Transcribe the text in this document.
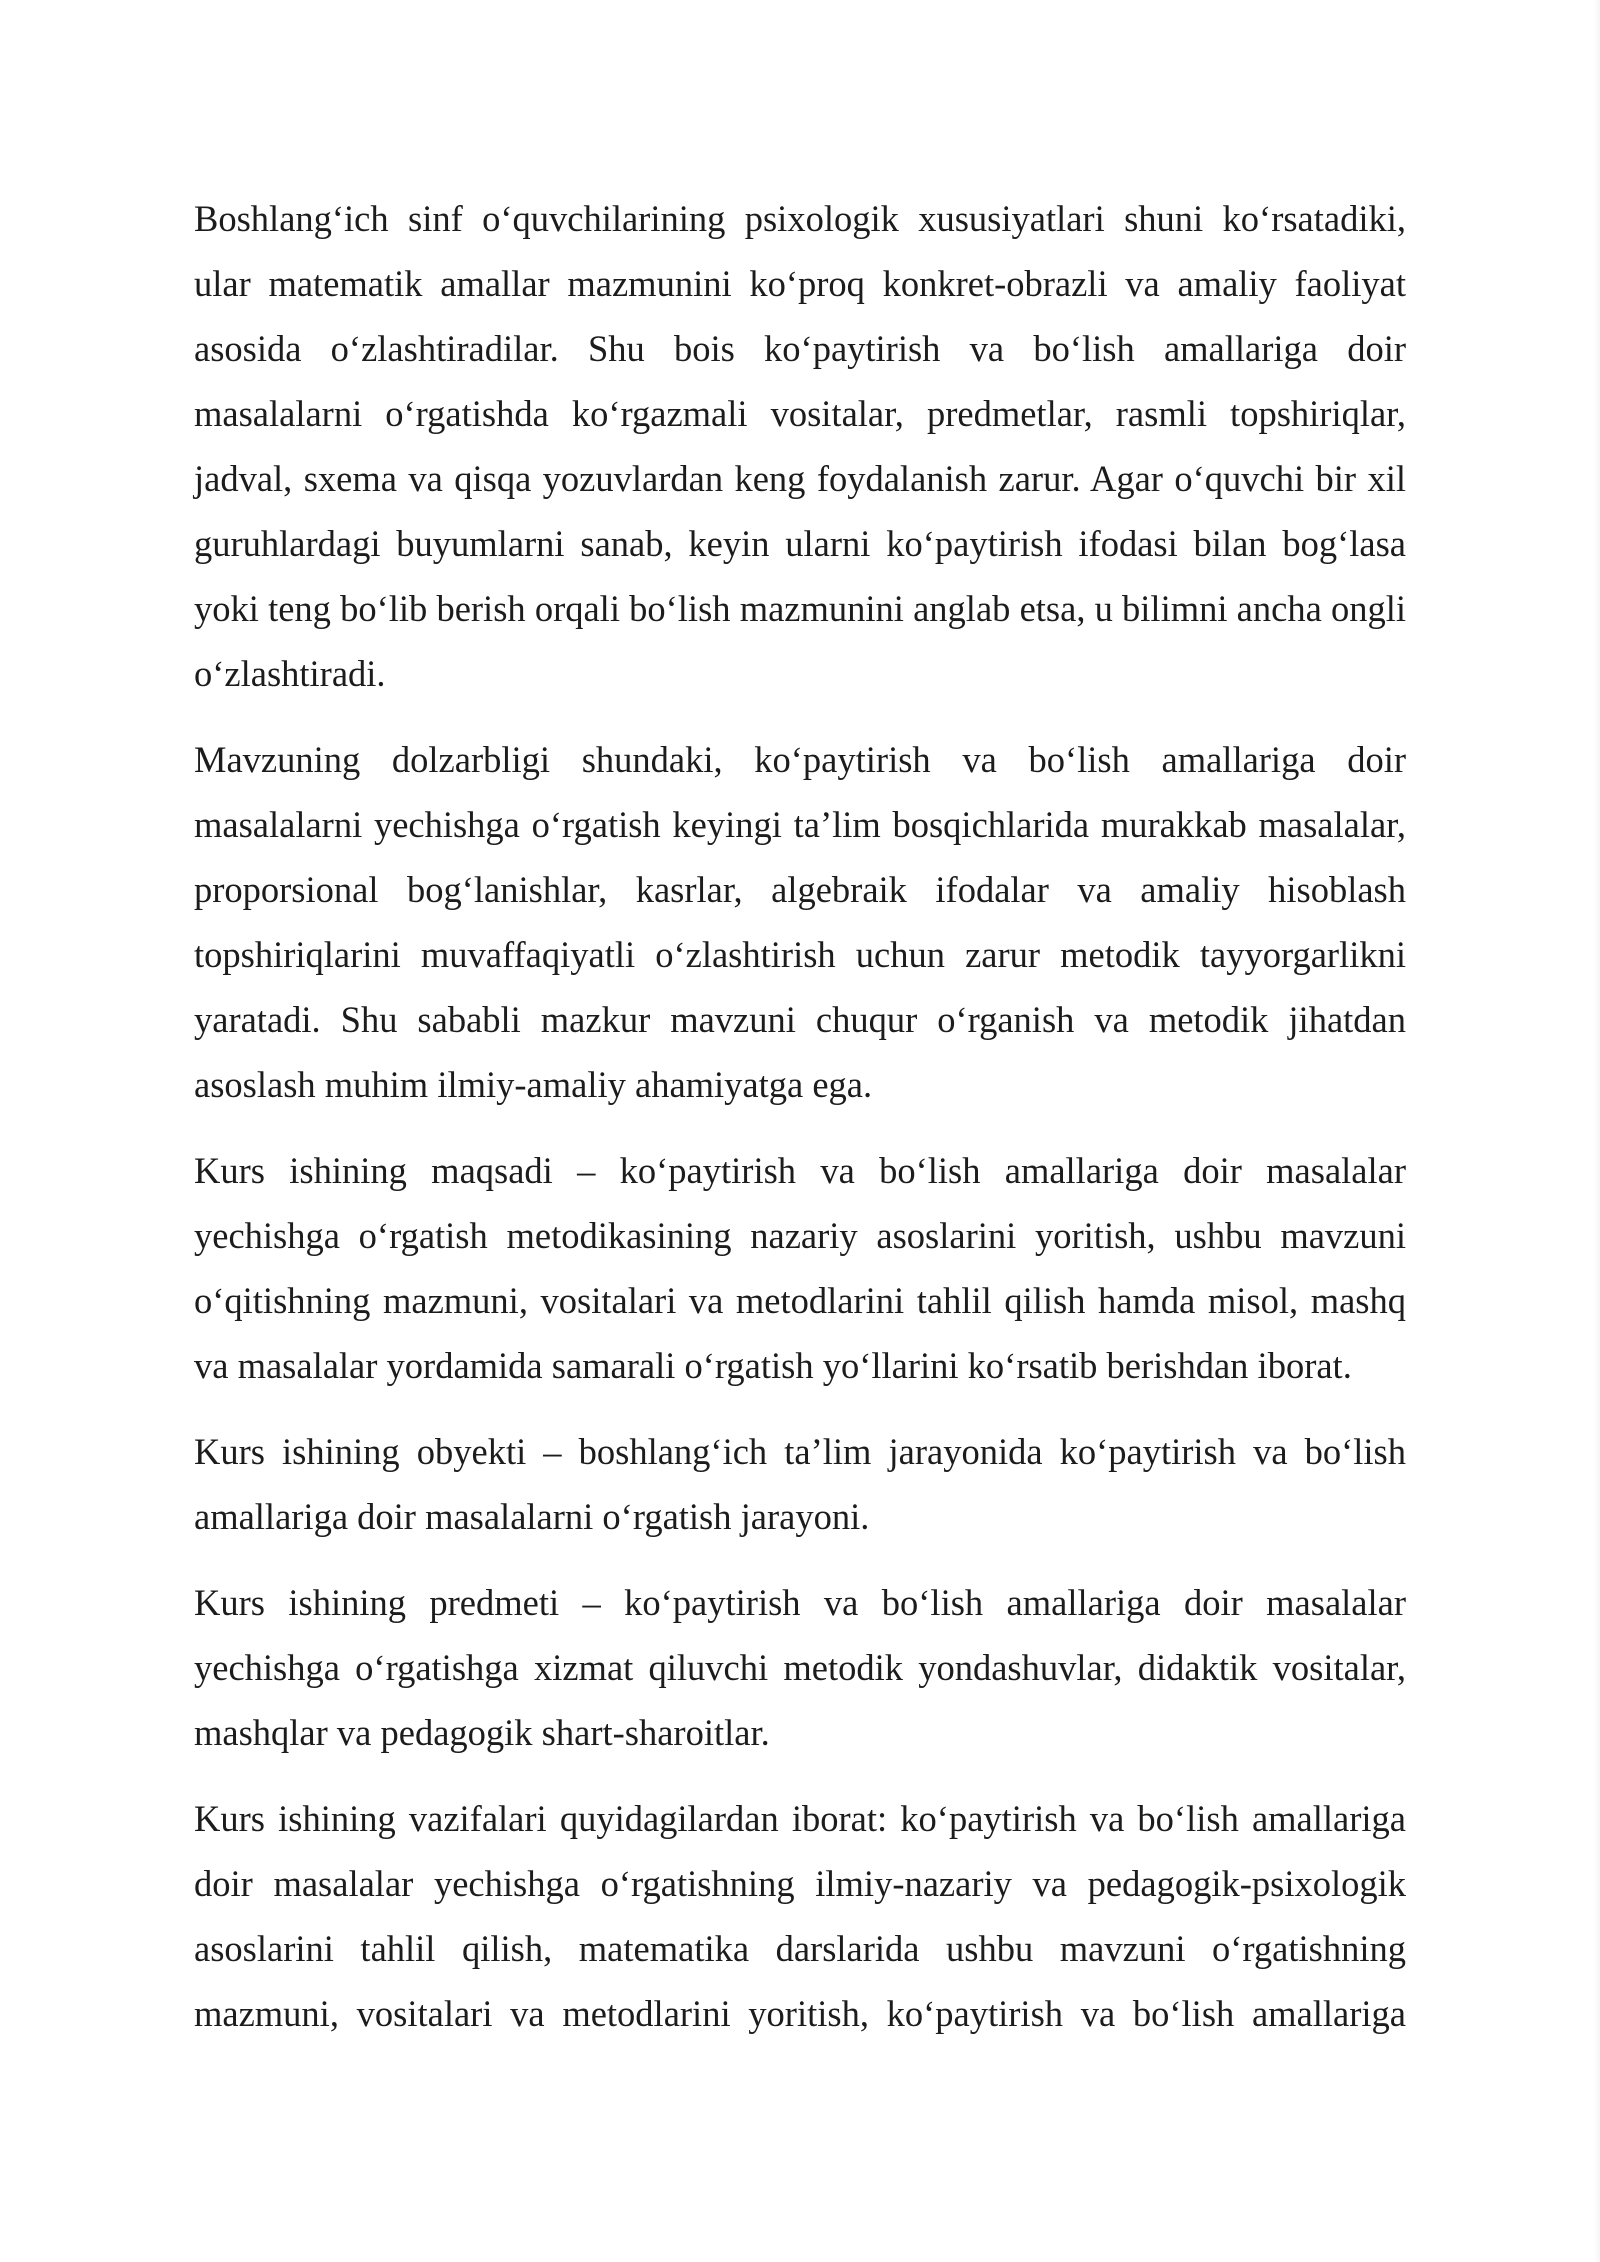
Boshlang‘ich sinf o‘quvchilarining psixologik xususiyatlari shuni ko‘rsatadiki, ular matematik amallar mazmunini ko‘proq konkret-obrazli va amaliy faoliyat asosida o‘zlashtiradilar. Shu bois ko‘paytirish va bo‘lish amallariga doir masalalarni o‘rgatishda ko‘rgazmali vositalar, predmetlar, rasmli topshiriqlar, jadval, sxema va qisqa yozuvlardan keng foydalanish zarur. Agar o‘quvchi bir xil guruhlardagi buyumlarni sanab, keyin ularni ko‘paytirish ifodasi bilan bog‘lasa yoki teng bo‘lib berish orqali bo‘lish mazmunini anglab etsa, u bilimni ancha ongli o‘zlashtiradi.

Mavzuning dolzarbligi shundaki, ko‘paytirish va bo‘lish amallariga doir masalalarni yechishga o‘rgatish keyingi ta’lim bosqichlarida murakkab masalalar, proporsional bog‘lanishlar, kasrlar, algebraik ifodalar va amaliy hisoblash topshiriqlarini muvaffaqiyatli o‘zlashtirish uchun zarur metodik tayyorgarlikni yaratadi. Shu sababli mazkur mavzuni chuqur o‘rganish va metodik jihatdan asoslash muhim ilmiy-amaliy ahamiyatga ega.

Kurs ishining maqsadi – ko‘paytirish va bo‘lish amallariga doir masalalar yechishga o‘rgatish metodikasining nazariy asoslarini yoritish, ushbu mavzuni o‘qitishning mazmuni, vositalari va metodlarini tahlil qilish hamda misol, mashq va masalalar yordamida samarali o‘rgatish yo‘llarini ko‘rsatib berishdan iborat.

Kurs ishining obyekti – boshlang‘ich ta’lim jarayonida ko‘paytirish va bo‘lish amallariga doir masalalarni o‘rgatish jarayoni.

Kurs ishining predmeti – ko‘paytirish va bo‘lish amallariga doir masalalar yechishga o‘rgatishga xizmat qiluvchi metodik yondashuvlar, didaktik vositalar, mashqlar va pedagogik shart-sharoitlar.

Kurs ishining vazifalari quyidagilardan iborat: ko‘paytirish va bo‘lish amallariga doir masalalar yechishga o‘rgatishning ilmiy-nazariy va pedagogik-psixologik asoslarini tahlil qilish, matematika darslarida ushbu mavzuni o‘rgatishning mazmuni, vositalari va metodlarini yoritish, ko‘paytirish va bo‘lish amallariga
